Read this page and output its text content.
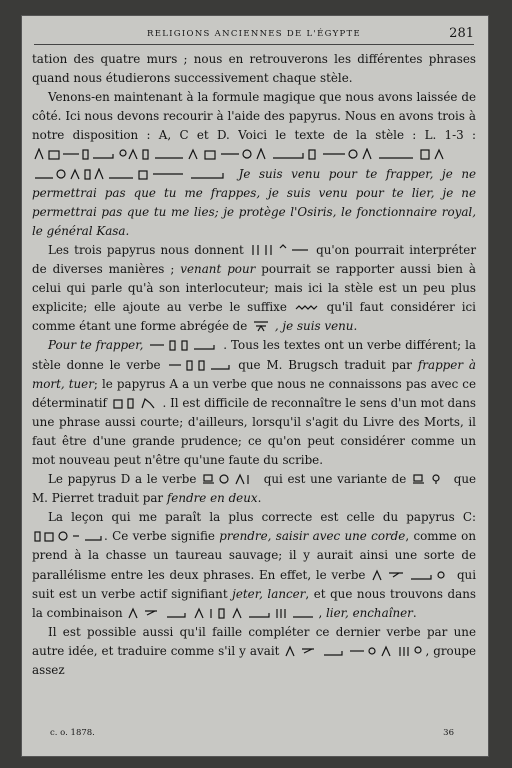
RELIGIONS ANCIENNES DE L'ÉGYPTE	281

tation des quatre murs ; nous en retrouverons les différentes phrases quand nous étudierons successivement chaque stèle.

Venons-en maintenant à la formule magique que nous avons laissée de côté. Ici nous devons recourir à l'aide des papyrus. Nous en avons trois à notre disposition : A, C et D. Voici le texte de la stèle : L. 1-3 :

Je suis venu pour te frapper, je ne permettrai pas que tu me frappes, je suis venu pour te lier, je ne permettrai pas que tu me lies; je protège l'Osiris, le fonctionnaire royal, le général Kasa.

Les trois papyrus nous donnent	qu'on pourrait interpréter de diverses manières ; venant pour pourrait se rapporter aussi bien à celui qui parle qu'à son interlocuteur; mais ici la stèle est un peu plus explicite; elle ajoute au verbe le suffixe	qu'il faut considérer ici comme étant une forme abrégée de , je suis venu.

Pour te frapper,	. Tous les textes ont un verbe différent; la stèle donne le verbe	que M. Brugsch traduit par frapper à mort, tuer; le papyrus A a un verbe que nous ne connaissons pas avec ce déterminatif	. Il est difficile de reconnaître le sens d'un mot dans une phrase aussi courte; d'ailleurs, lorsqu'il s'agit du Livre des Morts, il faut être d'une grande prudence; ce qu'on peut considérer comme un mot nouveau peut n'être qu'une faute du scribe.

Le papyrus D a le verbe	qui est une variante de	que M. Pierret traduit par fendre en deux.

La leçon qui me paraît la plus correcte est celle du papyrus C:
. Ce verbe signifie prendre, saisir avec une corde, comme on prend à la chasse un taureau sauvage; il y aurait ainsi une sorte de parallélisme entre les deux phrases. En effet, le verbe	qui suit est un verbe actif signifiant jeter, lancer, et que nous trouvons dans la combinaison	, lier, enchaîner.

Il est possible aussi qu'il faille compléter ce dernier verbe par une autre idée, et traduire comme s'il y avait	, groupe assez

c. o. 1878.	36
